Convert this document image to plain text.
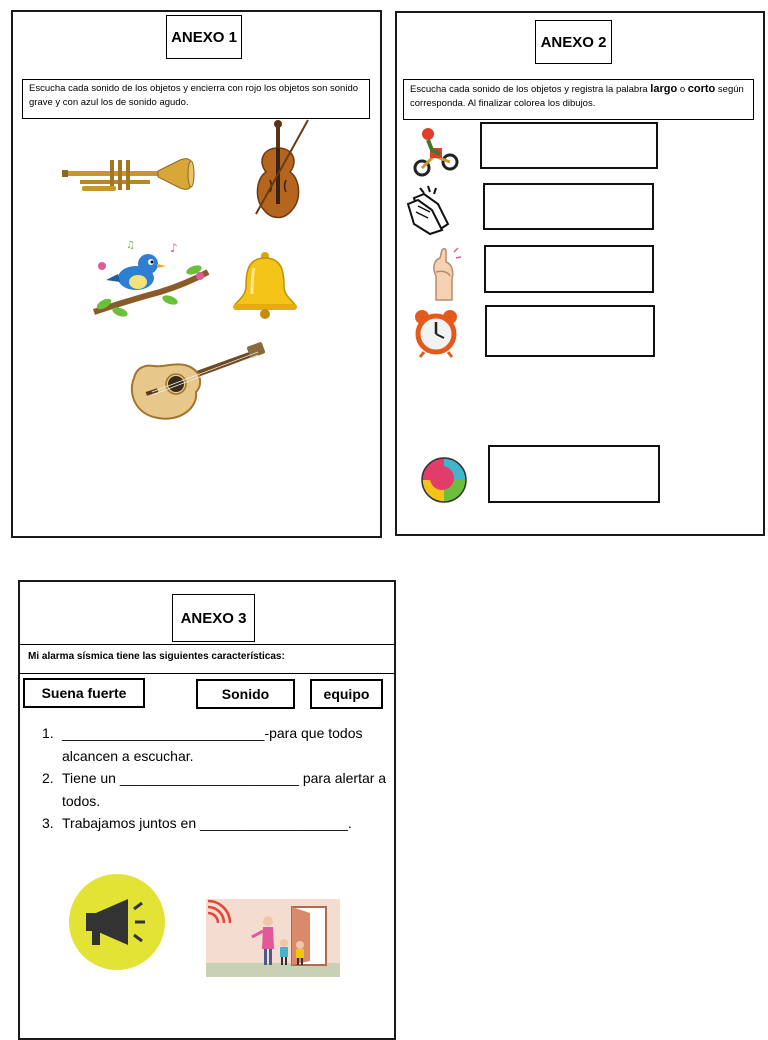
ANEXO 1
Escucha cada sonido de los objetos y encierra con rojo los objetos son sonido grave y con azul los de sonido agudo.
♪
♫
ANEXO 2
Escucha cada sonido de los objetos y registra la palabra largo o corto según corresponda. Al finalizar colorea los dibujos.
ANEXO 3
Mi alarma sísmica tiene las siguientes características:
Suena fuerte	Sonido	equipo
1. __________________________-para que todos alcancen a escuchar.
2. Tiene un _______________________ para alertar a todos.
3. Trabajamos juntos en ___________________.
